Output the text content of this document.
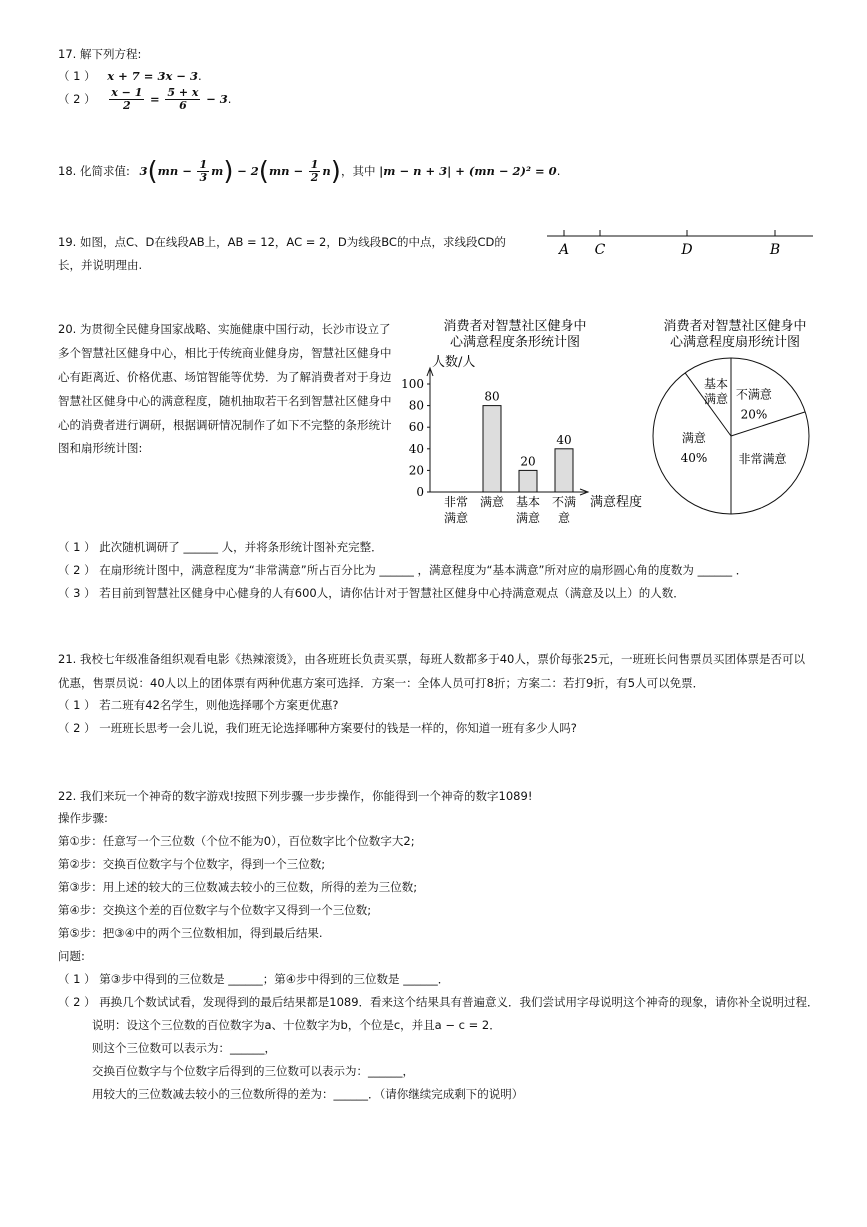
17. 解下列方程:
（ 1 ） x + 7 = 3x − 3.
（ 2 ） $\frac{x - 1}{2} = \frac{5 + x}{6} - 3$.
18. 化简求值: $3(mn - \frac{1}{3} m) - 2(mn - \frac{1}{2} n)$，其中 |m − n + 3| + (mn − 2)² = 0.
19. 如图，点C、D在线段AB上，AB = 12，AC = 2，D为线段BC的中点，求线段CD的
长，并说明理由.
A C	D	B
20. 为贯彻全民健身国家战略、实施健康中国行动，长沙市设立了
多个智慧社区健身中心，相比于传统商业健身房，智慧社区健身中
心有距离近、价格优惠、场馆智能等优势．为了解消费者对于身边
智慧社区健身中心的满意程度，随机抽取若干名到智慧社区健身中
心的消费者进行调研，根据调研情况制作了如下不完整的条形统计
图和扇形统计图:
消费者对智慧社区健身中
心满意程度条形统计图
人数/人
满意程度
0
20
40
60
80
100
非常
满意
80
满意
20
基本
满意
40
不满
意
消费者对智慧社区健身中
心满意程度扇形统计图
不满意
20%
非常满意
满意
40%
基本
满意
（ 1 ） 此次随机调研了 ______ 人，并将条形统计图补充完整．
（ 2 ） 在扇形统计图中，满意程度为“非常满意”所占百分比为 ______ ，满意程度为“基本满意”所对应的扇形圆心角的度数为 ______ ．
（ 3 ） 若目前到智慧社区健身中心健身的人有600人，请你估计对于智慧社区健身中心持满意观点（满意及以上）的人数．
21. 我校七年级准备组织观看电影《热辣滚烫》，由各班班长负责买票，每班人数都多于40人，票价每张25元，一班班长问售票员买团体票是否可以
优惠，售票员说：40人以上的团体票有两种优惠方案可选择．方案一：全体人员可打8折；方案二：若打9折，有5人可以免票．
（ 1 ） 若二班有42名学生，则他选择哪个方案更优惠?
（ 2 ） 一班班长思考一会儿说，我们班无论选择哪种方案要付的钱是一样的，你知道一班有多少人吗?
22. 我们来玩一个神奇的数字游戏!按照下列步骤一步步操作，你能得到一个神奇的数字1089!
操作步骤:
第①步：任意写一个三位数（个位不能为0），百位数字比个位数字大2;
第②步：交换百位数字与个位数字，得到一个三位数;
第③步：用上述的较大的三位数减去较小的三位数，所得的差为三位数;
第④步：交换这个差的百位数字与个位数字又得到一个三位数;
第⑤步：把③④中的两个三位数相加，得到最后结果.
问题:
（ 1 ） 第③步中得到的三位数是 ______；第④步中得到的三位数是 ______．
（ 2 ） 再换几个数试试看，发现得到的最后结果都是1089．看来这个结果具有普遍意义．我们尝试用字母说明这个神奇的现象，请你补全说明过程．
说明：设这个三位数的百位数字为a、十位数字为b，个位是c，并且a − c = 2．
则这个三位数可以表示为：______，
交换百位数字与个位数字后得到的三位数可以表示为：______，
用较大的三位数减去较小的三位数所得的差为：______．（请你继续完成剩下的说明）
